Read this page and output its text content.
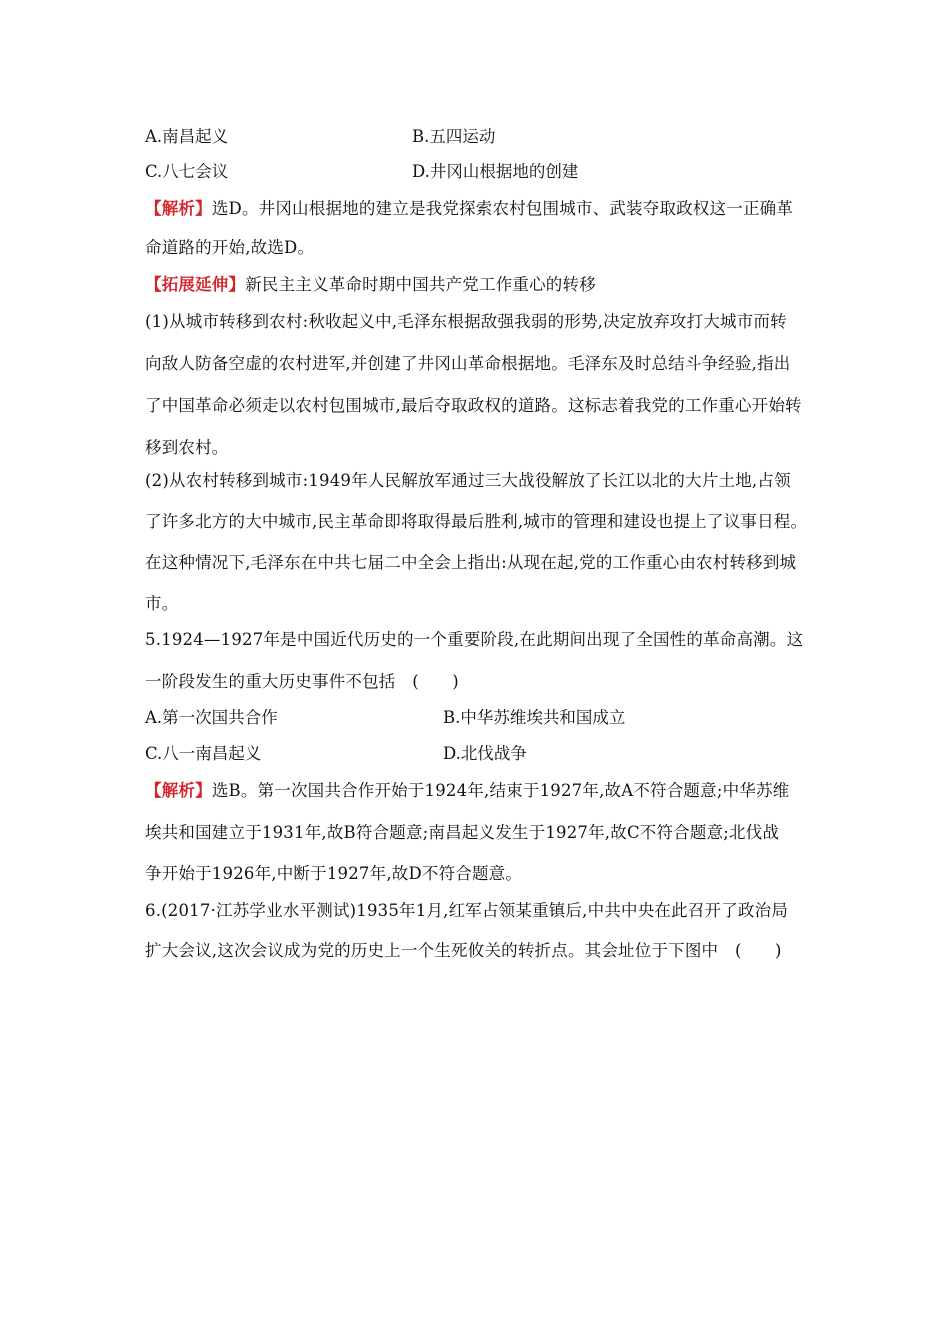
A.南昌起义	B.五四运动
C.八七会议	D.井冈山根据地的创建
【解析】选D。井冈山根据地的建立是我党探索农村包围城市、武装夺取政权这一正确革
命道路的开始,故选D。
【拓展延伸】新民主主义革命时期中国共产党工作重心的转移
(1)从城市转移到农村:秋收起义中,毛泽东根据敌强我弱的形势,决定放弃攻打大城市而转
向敌人防备空虚的农村进军,并创建了井冈山革命根据地。毛泽东及时总结斗争经验,指出
了中国革命必须走以农村包围城市,最后夺取政权的道路。这标志着我党的工作重心开始转
移到农村。
(2)从农村转移到城市:1949年人民解放军通过三大战役解放了长江以北的大片土地,占领
了许多北方的大中城市,民主革命即将取得最后胜利,城市的管理和建设也提上了议事日程。
在这种情况下,毛泽东在中共七届二中全会上指出:从现在起,党的工作重心由农村转移到城
市。
5.1924—1927年是中国近代历史的一个重要阶段,在此期间出现了全国性的革命高潮。这
一阶段发生的重大历史事件不包括　(　　)
A.第一次国共合作	B.中华苏维埃共和国成立
C.八一南昌起义	D.北伐战争
【解析】选B。第一次国共合作开始于1924年,结束于1927年,故A不符合题意;中华苏维
埃共和国建立于1931年,故B符合题意;南昌起义发生于1927年,故C不符合题意;北伐战
争开始于1926年,中断于1927年,故D不符合题意。
6.(2017·江苏学业水平测试)1935年1月,红军占领某重镇后,中共中央在此召开了政治局
扩大会议,这次会议成为党的历史上一个生死攸关的转折点。其会址位于下图中　(　　)
